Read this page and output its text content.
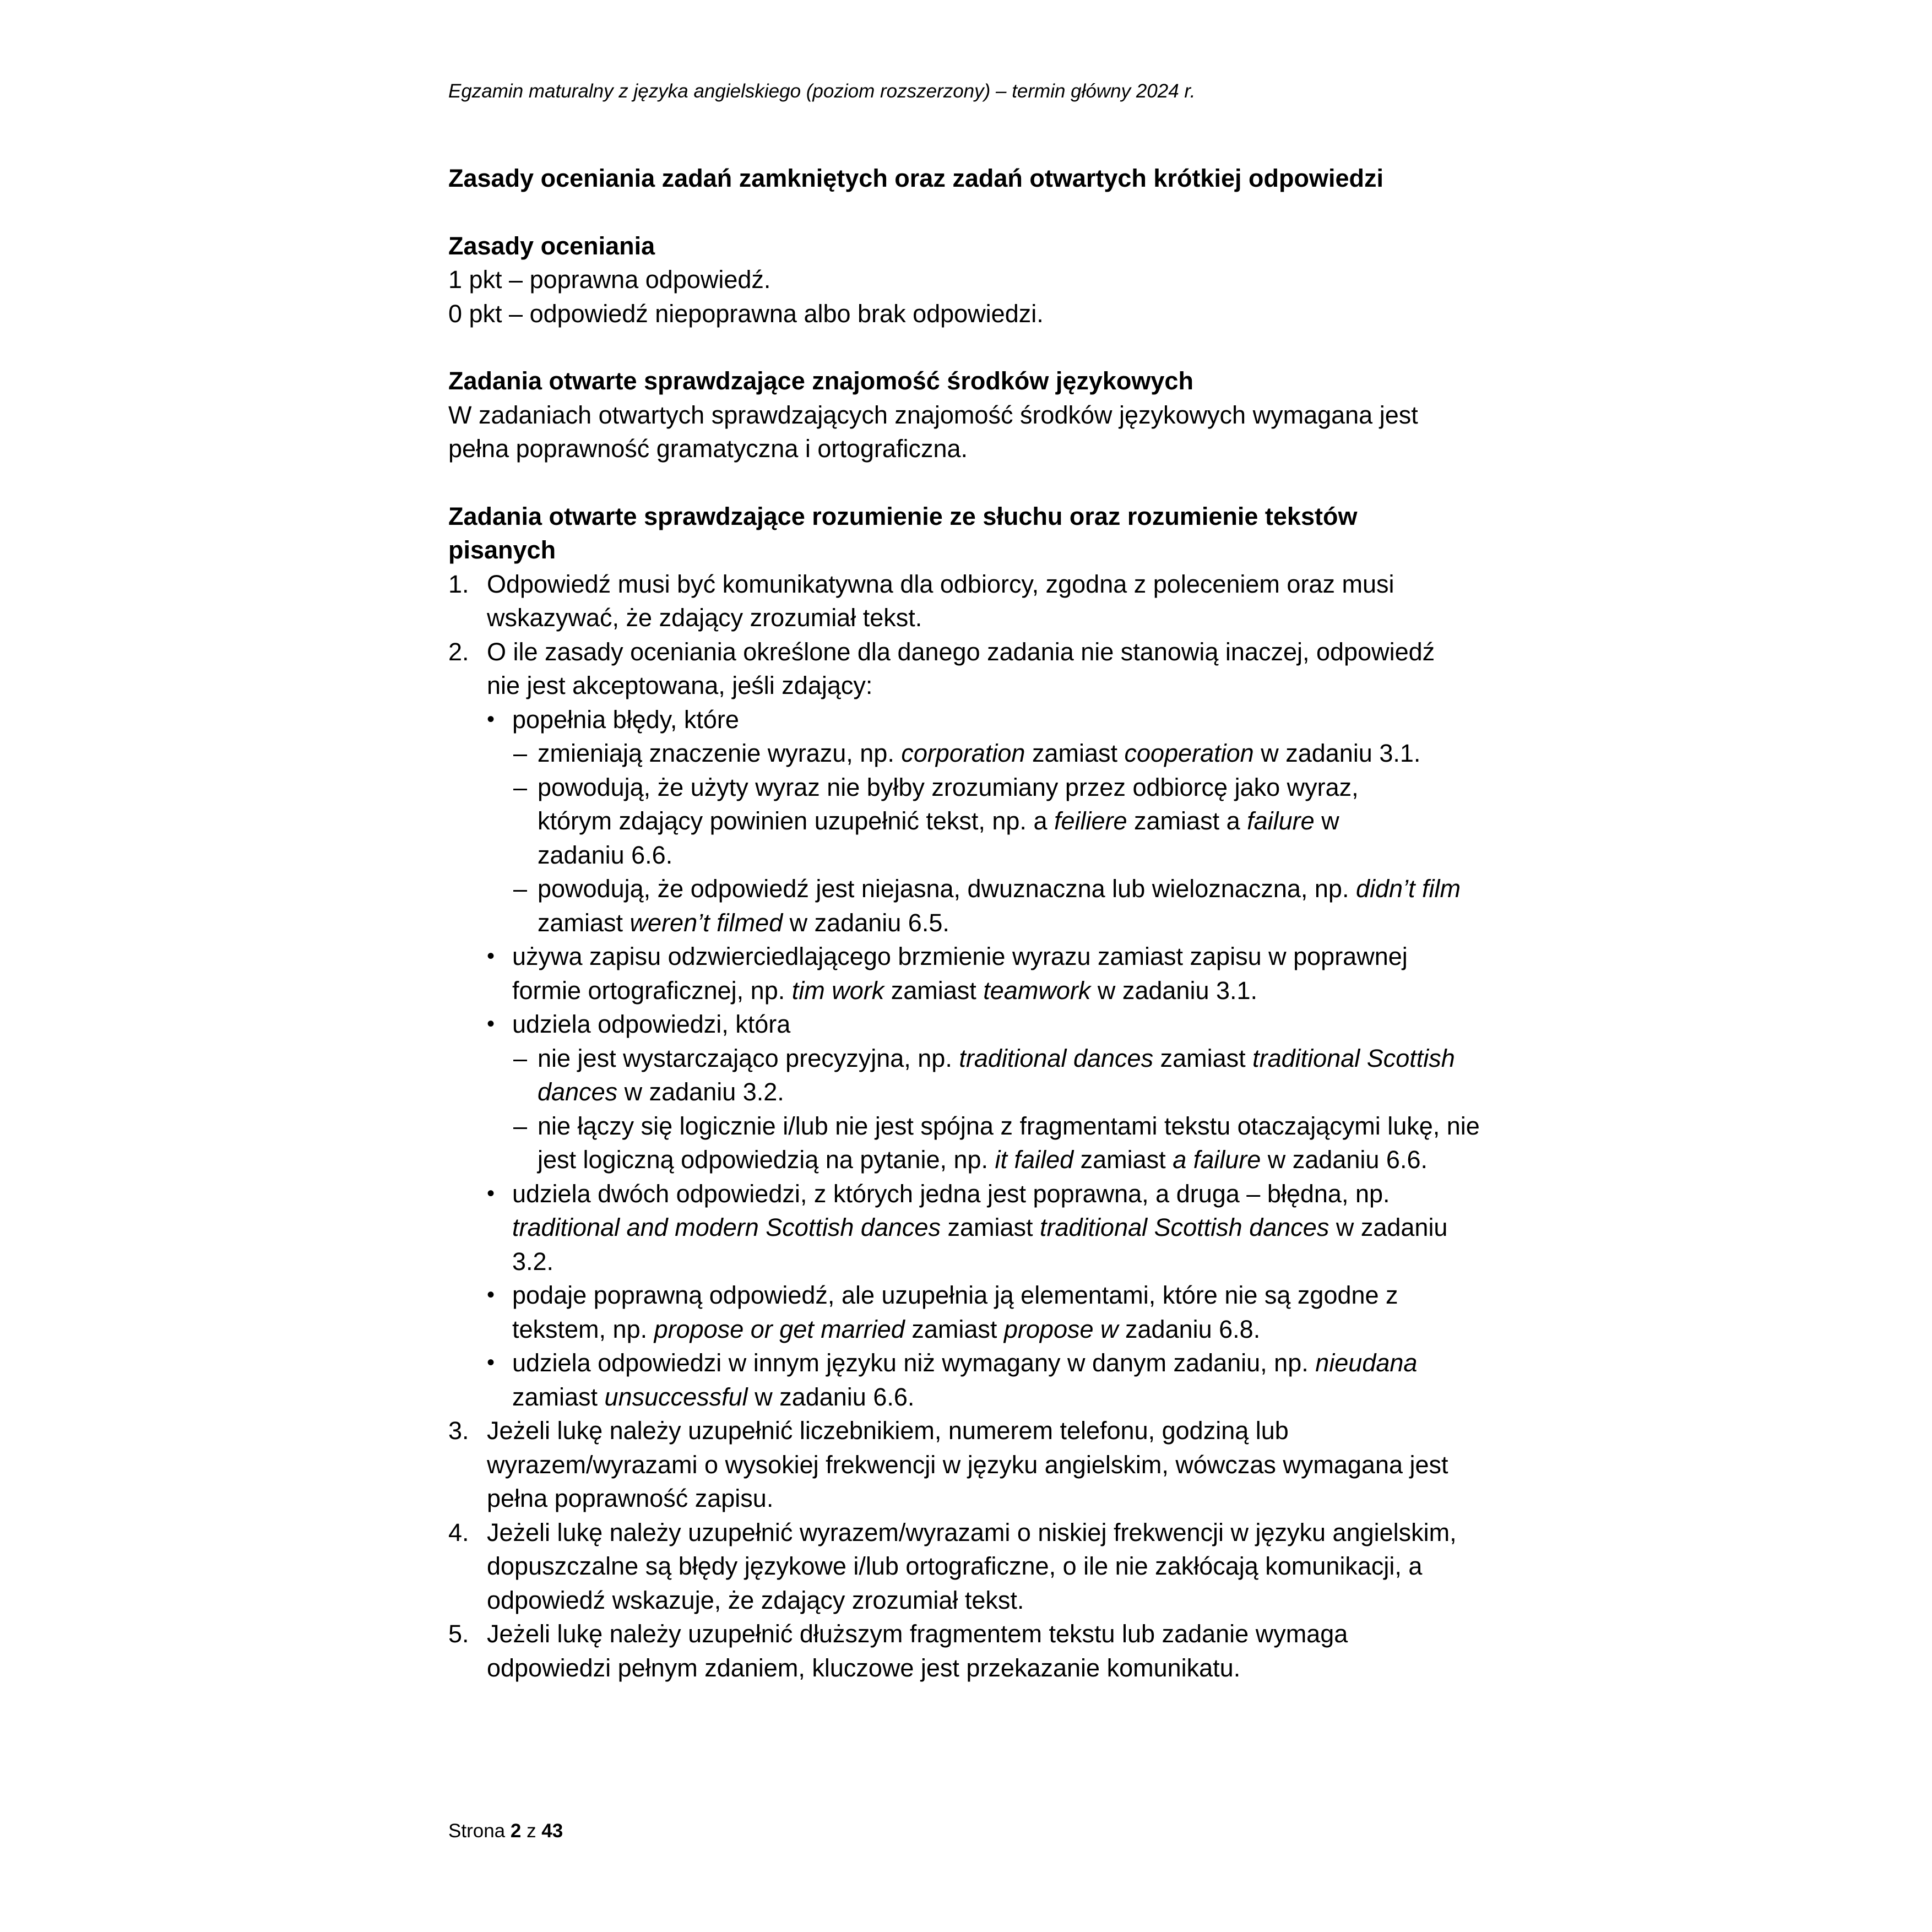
Egzamin maturalny z języka angielskiego (poziom rozszerzony) – termin główny 2024 r.

Zasady oceniania zadań zamkniętych oraz zadań otwartych krótkiej odpowiedzi

Zasady oceniania

1 pkt – poprawna odpowiedź.

0 pkt – odpowiedź niepoprawna albo brak odpowiedzi.

Zadania otwarte sprawdzające znajomość środków językowych

W zadaniach otwartych sprawdzających znajomość środków językowych wymagana jest pełna poprawność gramatyczna i ortograficzna.

Zadania otwarte sprawdzające rozumienie ze słuchu oraz rozumienie tekstów pisanych

1. Odpowiedź musi być komunikatywna dla odbiorcy, zgodna z poleceniem oraz musi wskazywać, że zdający zrozumiał tekst.
2. O ile zasady oceniania określone dla danego zadania nie stanowią inaczej, odpowiedź nie jest akceptowana, jeśli zdający:
• popełnia błędy, które
– zmieniają znaczenie wyrazu, np. corporation zamiast cooperation w zadaniu 3.1.
– powodują, że użyty wyraz nie byłby zrozumiany przez odbiorcę jako wyraz, którym zdający powinien uzupełnić tekst, np. a feiliere zamiast a failure w zadaniu 6.6.
– powodują, że odpowiedź jest niejasna, dwuznaczna lub wieloznaczna, np. didn’t film zamiast weren’t filmed w zadaniu 6.5.
• używa zapisu odzwierciedlającego brzmienie wyrazu zamiast zapisu w poprawnej formie ortograficznej, np. tim work zamiast teamwork w zadaniu 3.1.
• udziela odpowiedzi, która
– nie jest wystarczająco precyzyjna, np. traditional dances zamiast traditional Scottish dances w zadaniu 3.2.
– nie łączy się logicznie i/lub nie jest spójna z fragmentami tekstu otaczającymi lukę, nie jest logiczną odpowiedzią na pytanie, np. it failed zamiast a failure w zadaniu 6.6.
• udziela dwóch odpowiedzi, z których jedna jest poprawna, a druga – błędna, np. traditional and modern Scottish dances zamiast traditional Scottish dances w zadaniu 3.2.
• podaje poprawną odpowiedź, ale uzupełnia ją elementami, które nie są zgodne z tekstem, np. propose or get married zamiast propose w zadaniu 6.8.
• udziela odpowiedzi w innym języku niż wymagany w danym zadaniu, np. nieudana zamiast unsuccessful w zadaniu 6.6.
3. Jeżeli lukę należy uzupełnić liczebnikiem, numerem telefonu, godziną lub wyrazem/wyrazami o wysokiej frekwencji w języku angielskim, wówczas wymagana jest pełna poprawność zapisu.
4. Jeżeli lukę należy uzupełnić wyrazem/wyrazami o niskiej frekwencji w języku angielskim, dopuszczalne są błędy językowe i/lub ortograficzne, o ile nie zakłócają komunikacji, a odpowiedź wskazuje, że zdający zrozumiał tekst.
5. Jeżeli lukę należy uzupełnić dłuższym fragmentem tekstu lub zadanie wymaga odpowiedzi pełnym zdaniem, kluczowe jest przekazanie komunikatu.
Strona 2 z 43
